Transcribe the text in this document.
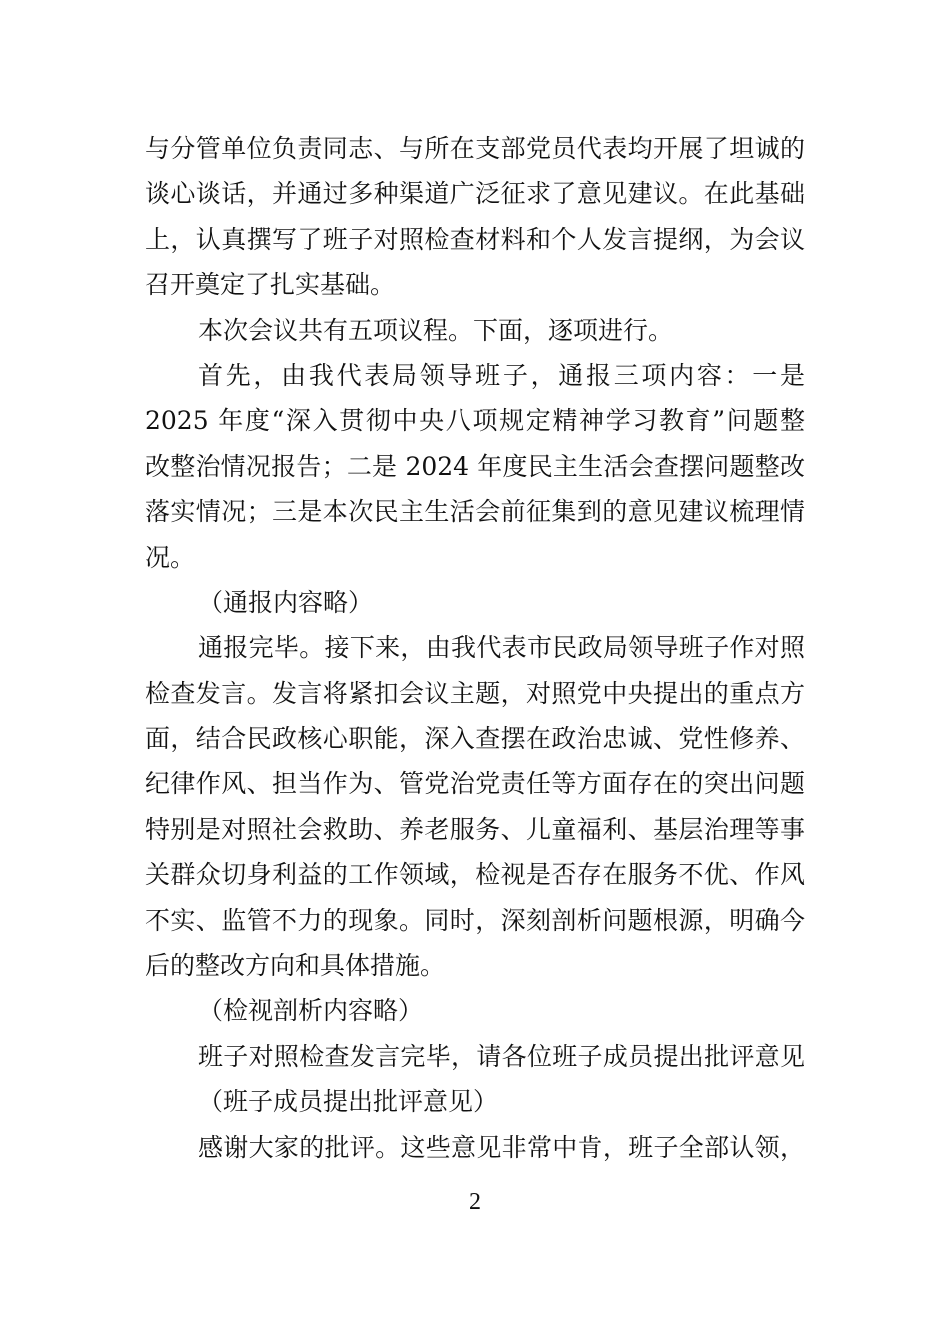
与分管单位负责同志、与所在支部党员代表均开展了坦诚的
谈心谈话，并通过多种渠道广泛征求了意见建议。在此基础
上，认真撰写了班子对照检查材料和个人发言提纲，为会议
召开奠定了扎实基础。
本次会议共有五项议程。下面，逐项进行。
首先，由我代表局领导班子，通报三项内容：一是
2025 年度“深入贯彻中央八项规定精神学习教育”问题整
改整治情况报告；二是 2024 年度民主生活会查摆问题整改
落实情况；三是本次民主生活会前征集到的意见建议梳理情
况。
（通报内容略）
通报完毕。接下来，由我代表市民政局领导班子作对照
检查发言。发言将紧扣会议主题，对照党中央提出的重点方
面，结合民政核心职能，深入查摆在政治忠诚、党性修养、
纪律作风、担当作为、管党治党责任等方面存在的突出问题
特别是对照社会救助、养老服务、儿童福利、基层治理等事
关群众切身利益的工作领域，检视是否存在服务不优、作风
不实、监管不力的现象。同时，深刻剖析问题根源，明确今
后的整改方向和具体措施。
（检视剖析内容略）
班子对照检查发言完毕，请各位班子成员提出批评意见
（班子成员提出批评意见）
感谢大家的批评。这些意见非常中肯，班子全部认领，
2
